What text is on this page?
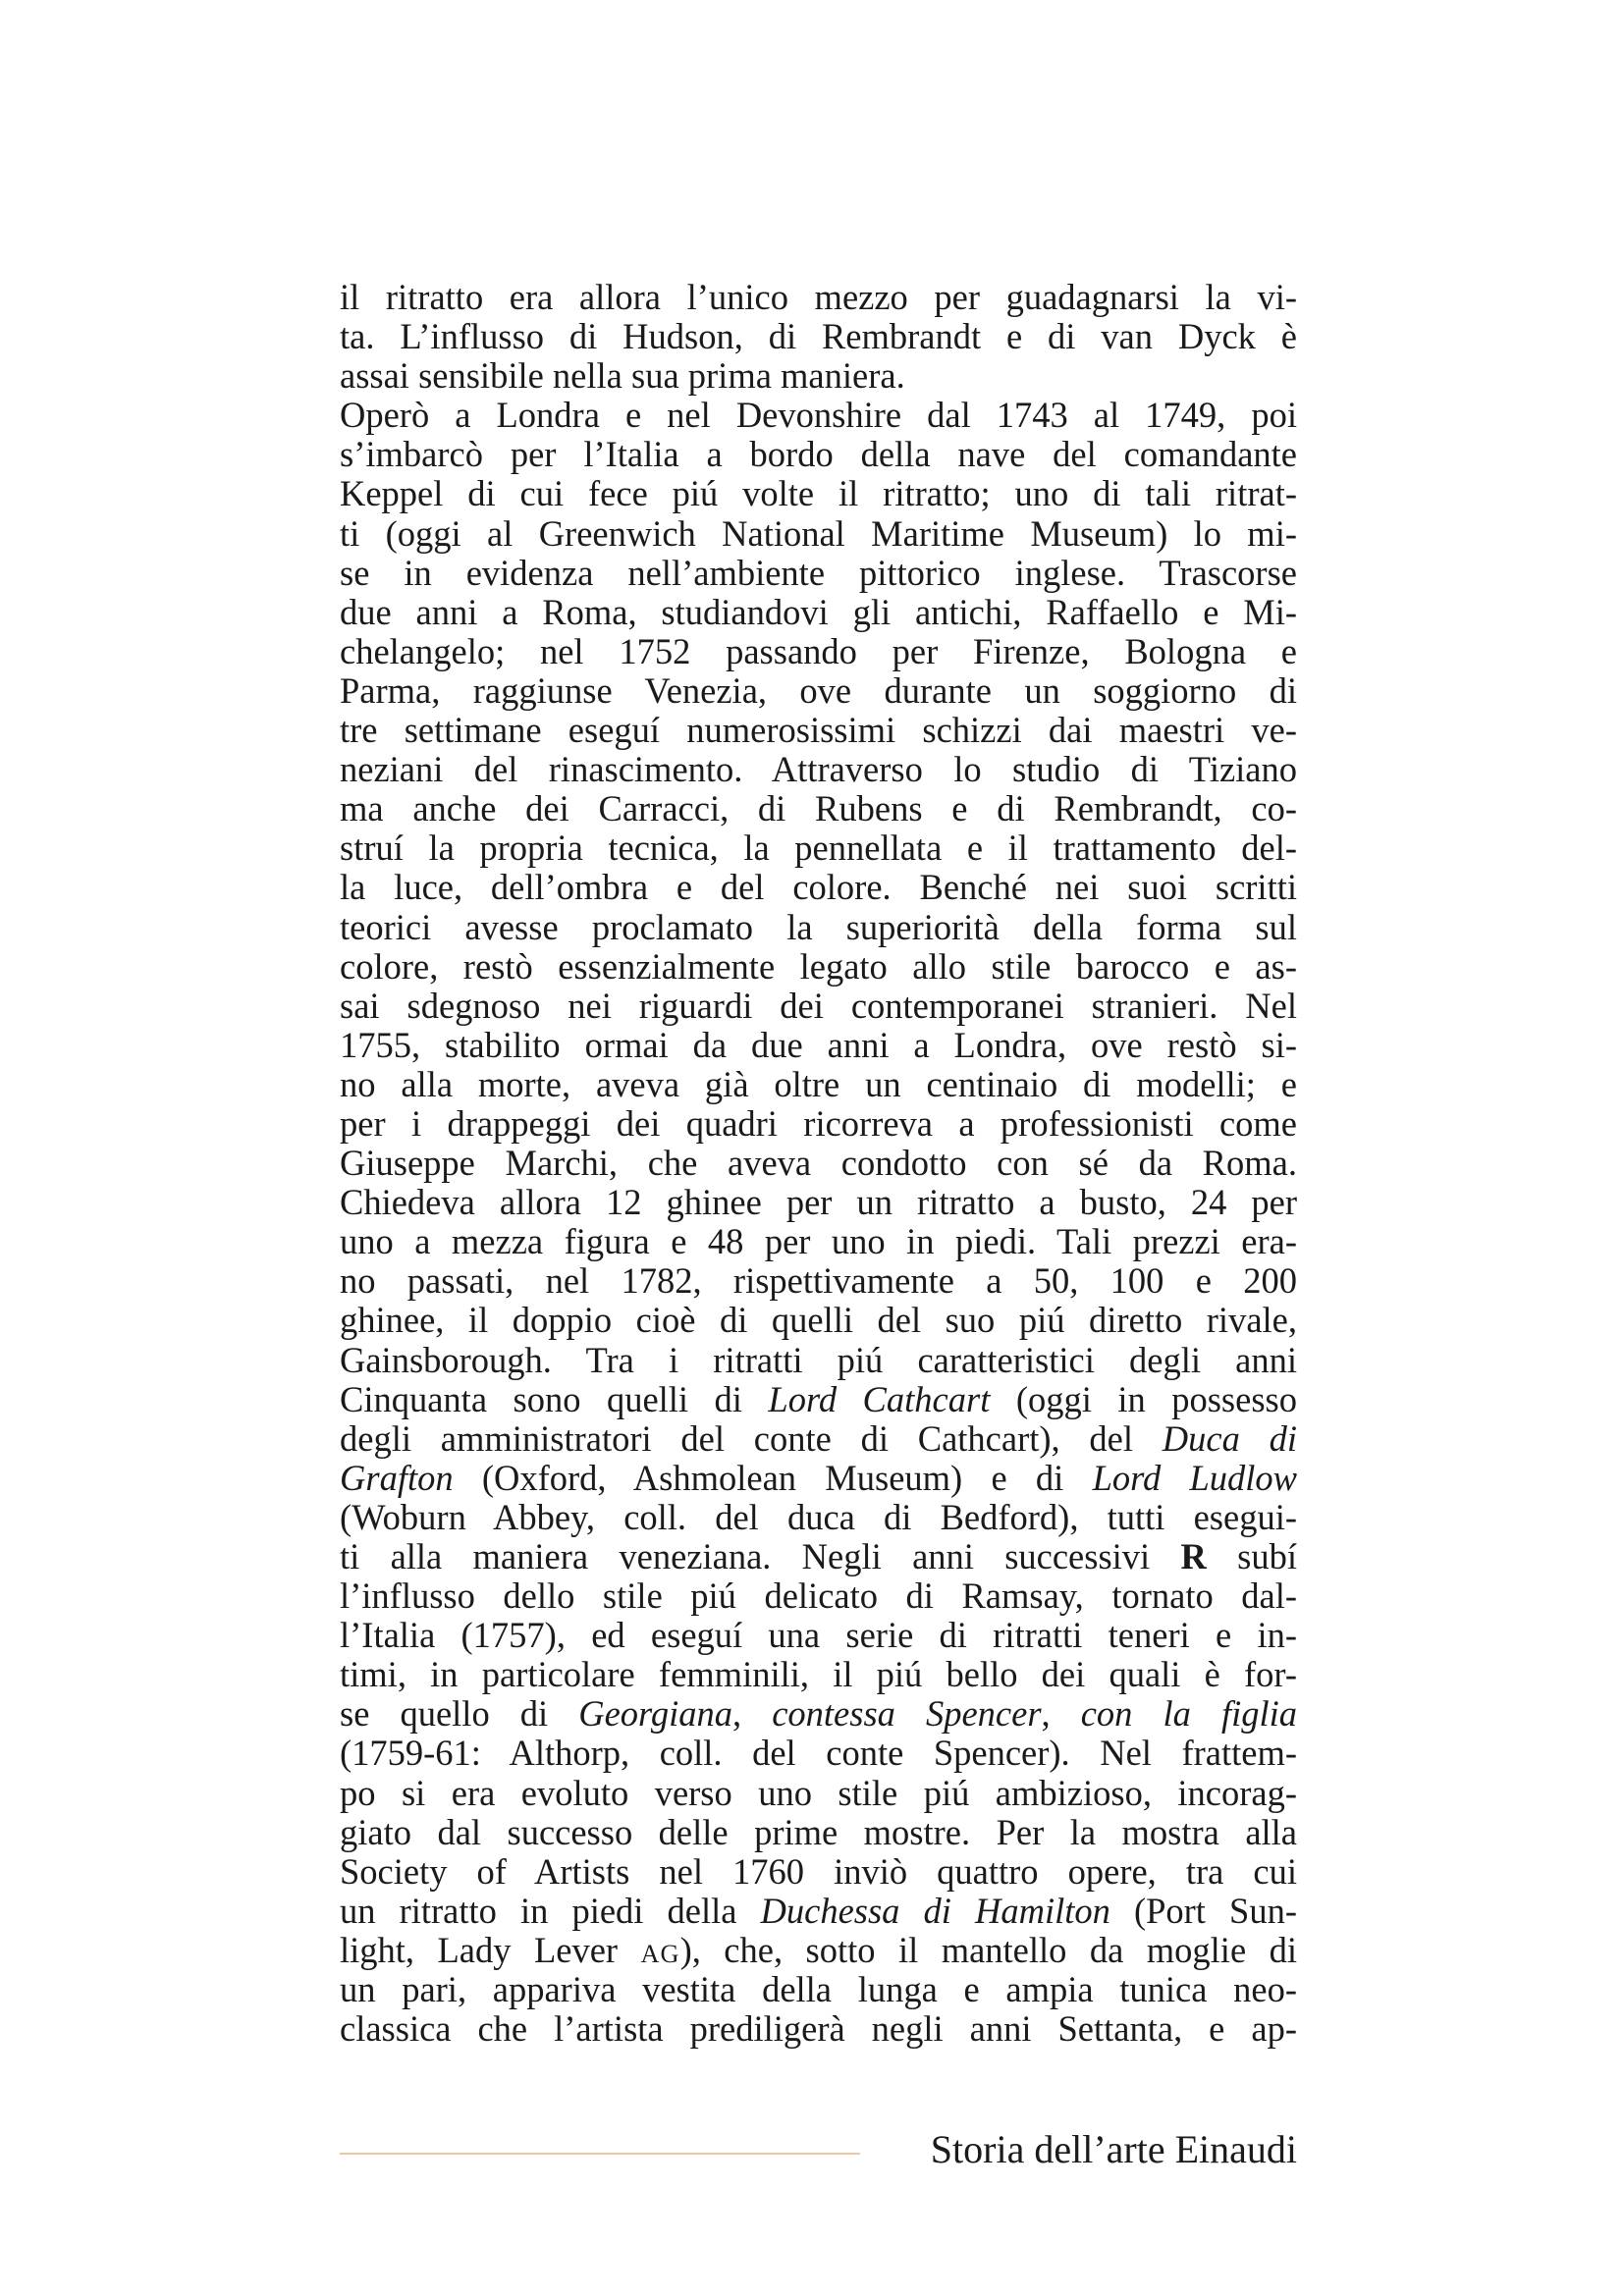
il ritratto era allora l’unico mezzo per guadagnarsi la vi-
ta. L’influsso di Hudson, di Rembrandt e di van Dyck è
assai sensibile nella sua prima maniera.
Operò a Londra e nel Devonshire dal 1743 al 1749, poi
s’imbarcò per l’Italia a bordo della nave del comandante
Keppel di cui fece piú volte il ritratto; uno di tali ritrat-
ti (oggi al Greenwich National Maritime Museum) lo mi-
se in evidenza nell’ambiente pittorico inglese. Trascorse
due anni a Roma, studiandovi gli antichi, Raffaello e Mi-
chelangelo; nel 1752 passando per Firenze, Bologna e
Parma, raggiunse Venezia, ove durante un soggiorno di
tre settimane eseguí numerosissimi schizzi dai maestri ve-
neziani del rinascimento. Attraverso lo studio di Tiziano
ma anche dei Carracci, di Rubens e di Rembrandt, co-
struí la propria tecnica, la pennellata e il trattamento del-
la luce, dell’ombra e del colore. Benché nei suoi scritti
teorici avesse proclamato la superiorità della forma sul
colore, restò essenzialmente legato allo stile barocco e as-
sai sdegnoso nei riguardi dei contemporanei stranieri. Nel
1755, stabilito ormai da due anni a Londra, ove restò si-
no alla morte, aveva già oltre un centinaio di modelli; e
per i drappeggi dei quadri ricorreva a professionisti come
Giuseppe Marchi, che aveva condotto con sé da Roma.
Chiedeva allora 12 ghinee per un ritratto a busto, 24 per
uno a mezza figura e 48 per uno in piedi. Tali prezzi era-
no passati, nel 1782, rispettivamente a 50, 100 e 200
ghinee, il doppio cioè di quelli del suo piú diretto rivale,
Gainsborough. Tra i ritratti piú caratteristici degli anni
Cinquanta sono quelli di Lord Cathcart (oggi in possesso
degli amministratori del conte di Cathcart), del Duca di
Grafton (Oxford, Ashmolean Museum) e di Lord Ludlow
(Woburn Abbey, coll. del duca di Bedford), tutti esegui-
ti alla maniera veneziana. Negli anni successivi R subí
l’influsso dello stile piú delicato di Ramsay, tornato dal-
l’Italia (1757), ed eseguí una serie di ritratti teneri e in-
timi, in particolare femminili, il piú bello dei quali è for-
se quello di Georgiana, contessa Spencer, con la figlia
(1759-61: Althorp, coll. del conte Spencer). Nel frattem-
po si era evoluto verso uno stile piú ambizioso, incorag-
giato dal successo delle prime mostre. Per la mostra alla
Society of Artists nel 1760 inviò quattro opere, tra cui
un ritratto in piedi della Duchessa di Hamilton (Port Sun-
light, Lady Lever AG), che, sotto il mantello da moglie di
un pari, appariva vestita della lunga e ampia tunica neo-
classica che l’artista prediligerà negli anni Settanta, e ap-
Storia dell’arte Einaudi
